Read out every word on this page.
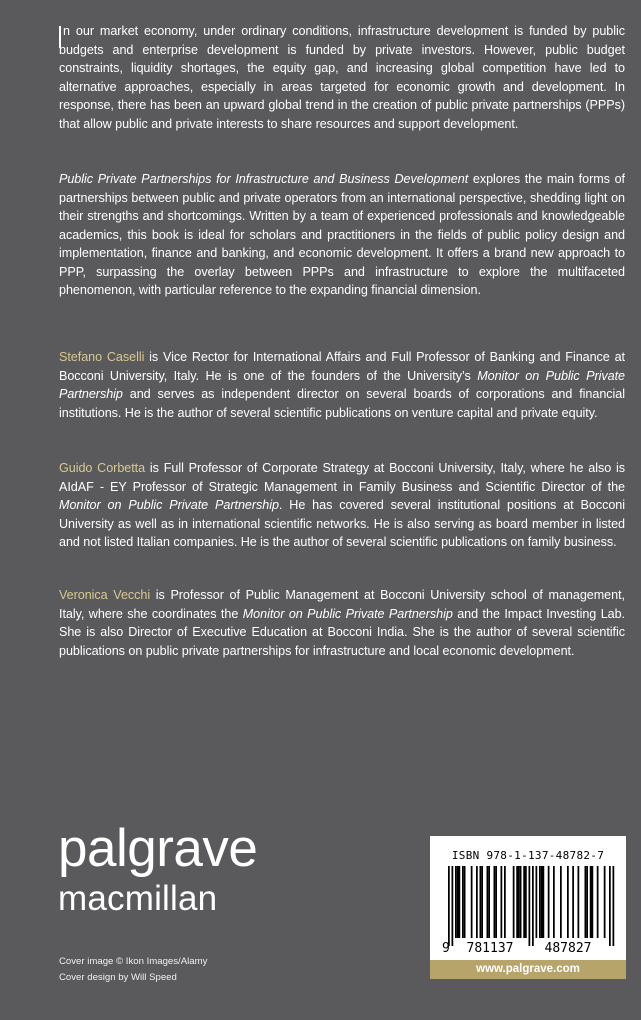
n our market economy, under ordinary conditions, infrastructure development is funded by public budgets and enterprise development is funded by private investors. However, public budget constraints, liquidity shortages, the equity gap, and increasing global competition have led to alternative approaches, especially in areas targeted for economic growth and development. In response, there has been an upward global trend in the creation of public private partnerships (PPPs) that allow public and private interests to share resources and support development.

Public Private Partnerships for Infrastructure and Business Development explores the main forms of partnerships between public and private operators from an international perspective, shedding light on their strengths and shortcomings. Written by a team of experienced professionals and knowledgeable academics, this book is ideal for scholars and practitioners in the fields of public policy design and implementation, finance and banking, and economic development. It offers a brand new approach to PPP, surpassing the overlay between PPPs and infrastructure to explore the multifaceted phenomenon, with particular reference to the expanding financial dimension.

Stefano Caselli is Vice Rector for International Affairs and Full Professor of Banking and Finance at Bocconi University, Italy. He is one of the founders of the University’s Monitor on Public Private Partnership and serves as independent director on several boards of corporations and financial institutions. He is the author of several scientific publications on venture capital and private equity.

Guido Corbetta is Full Professor of Corporate Strategy at Bocconi University, Italy, where he also is AIdAF - EY Professor of Strategic Management in Family Business and Scientific Director of the Monitor on Public Private Partnership. He has covered several institutional positions at Bocconi University as well as in international scientific networks. He is also serving as board member in listed and not listed Italian companies. He is the author of several scientific publications on family business.

Veronica Vecchi is Professor of Public Management at Bocconi University school of management, Italy, where she coordinates the Monitor on Public Private Partnership and the Impact Investing Lab. She is also Director of Executive Education at Bocconi India. She is the author of several scientific publications on public private partnerships for infrastructure and local economic development.

palgrave
macmillan
Cover image © Ikon Images/Alamy
Cover design by Will Speed
ISBN 978-1-137-48782-7
9 781137 487827
www.palgrave.com
